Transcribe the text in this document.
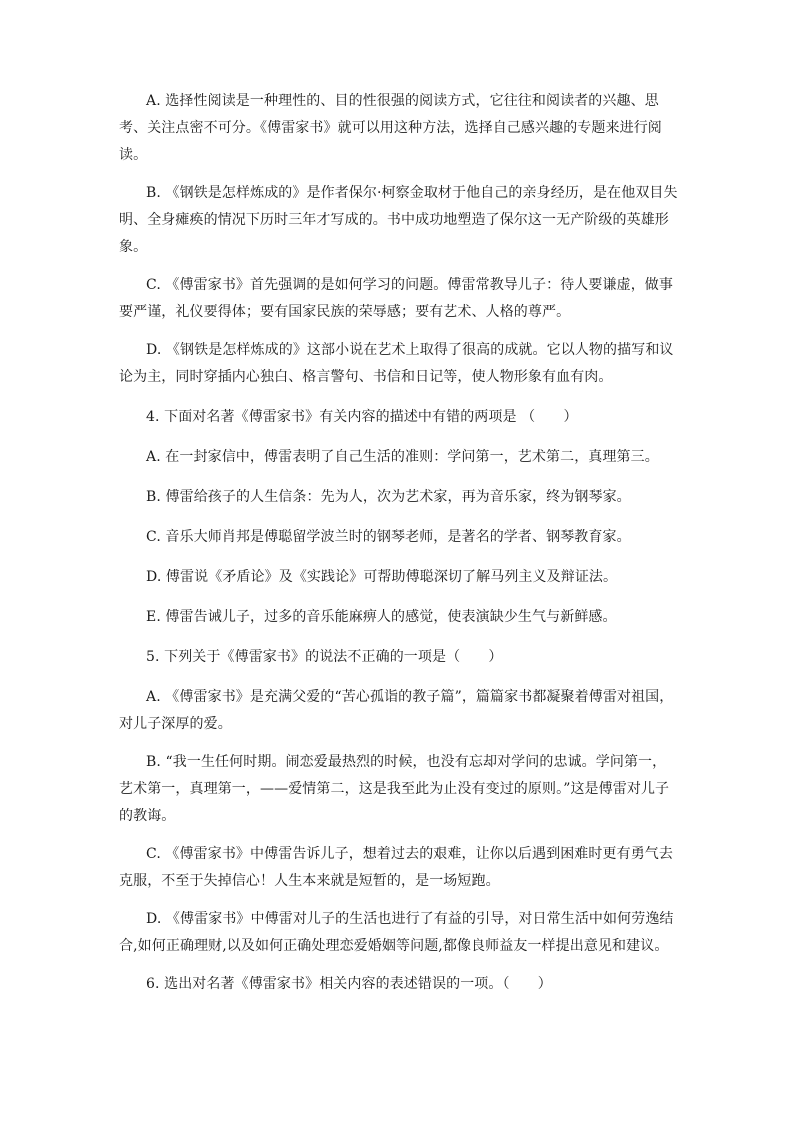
A. 选择性阅读是一种理性的、目的性很强的阅读方式，它往往和阅读者的兴趣、思考、关注点密不可分。《傅雷家书》就可以用这种方法，选择自己感兴趣的专题来进行阅读。

B. 《钢铁是怎样炼成的》是作者保尔·柯察金取材于他自己的亲身经历，是在他双目失明、全身瘫痪的情况下历时三年才写成的。书中成功地塑造了保尔这一无产阶级的英雄形象。

C. 《傅雷家书》首先强调的是如何学习的问题。傅雷常教导儿子：待人要谦虚，做事要严谨，礼仪要得体；要有国家民族的荣辱感；要有艺术、人格的尊严。

D. 《钢铁是怎样炼成的》这部小说在艺术上取得了很高的成就。它以人物的描写和议论为主，同时穿插内心独白、格言警句、书信和日记等，使人物形象有血有肉。

4. 下面对名著《傅雷家书》有关内容的描述中有错的两项是 （　　）

A. 在一封家信中，傅雷表明了自己生活的准则：学问第一，艺术第二，真理第三。

B. 傅雷给孩子的人生信条：先为人，次为艺术家，再为音乐家，终为钢琴家。

C. 音乐大师肖邦是傅聪留学波兰时的钢琴老师，是著名的学者、钢琴教育家。

D. 傅雷说《矛盾论》及《实践论》可帮助傅聪深切了解马列主义及辩证法。

E. 傅雷告诫儿子，过多的音乐能麻痹人的感觉，使表演缺少生气与新鲜感。

5. 下列关于《傅雷家书》的说法不正确的一项是（　　）

A. 《傅雷家书》是充满父爱的“苦心孤诣的教子篇”，篇篇家书都凝聚着傅雷对祖国，对儿子深厚的爱。

B. “我一生任何时期。闹恋爱最热烈的时候，也没有忘却对学问的忠诚。学问第一，艺术第一，真理第一，——爱情第二，这是我至此为止没有变过的原则。”这是傅雷对儿子的教诲。

C. 《傅雷家书》中傅雷告诉儿子，想着过去的艰难，让你以后遇到困难时更有勇气去克服，不至于失掉信心！人生本来就是短暂的，是一场短跑。

D. 《傅雷家书》中傅雷对儿子的生活也进行了有益的引导，对日常生活中如何劳逸结合,如何正确理财,以及如何正确处理恋爱婚姻等问题,都像良师益友一样提出意见和建议。

6. 选出对名著《傅雷家书》相关内容的表述错误的一项。（　　）
